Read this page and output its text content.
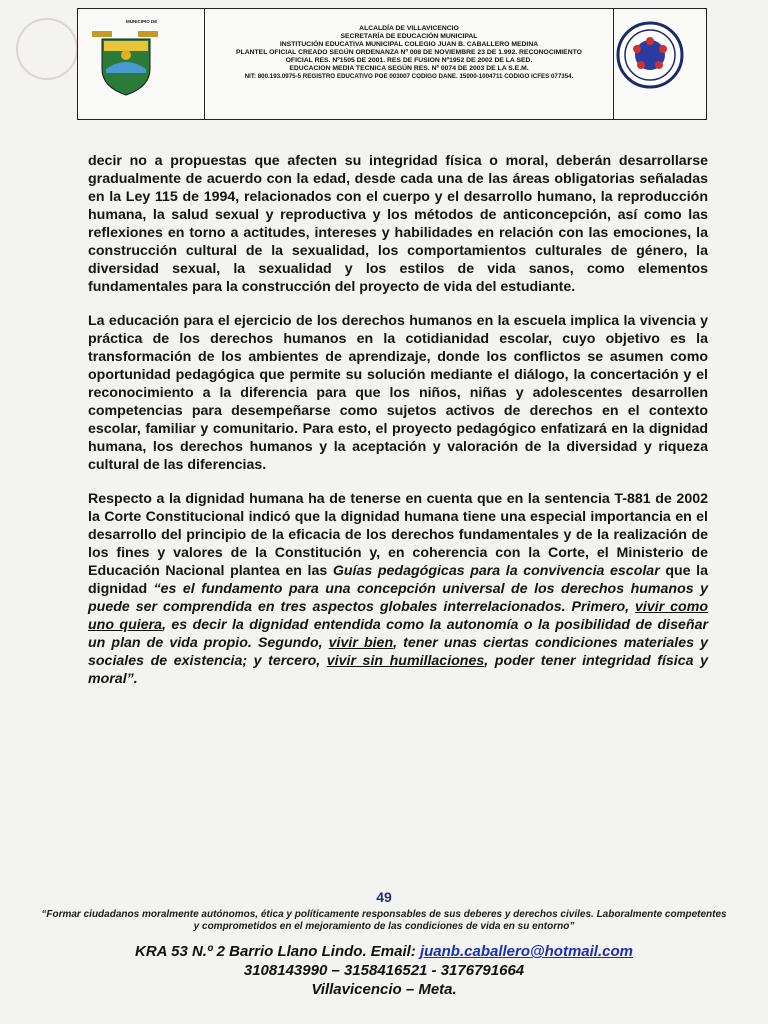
MUNICIPIO DE
ALCALDÍA DE VILLAVICENCIO
SECRETARÍA DE EDUCACIÓN MUNICIPAL
INSTITUCIÓN EDUCATIVA MUNICIPAL COLEGIO JUAN B. CABALLERO MEDINA
PLANTEL OFICIAL CREADO SEGÚN ORDENANZA Nº 008 DE NOVIEMBRE 23 DE 1.992. RECONOCIMIENTO
OFICIAL RES. Nº1505 DE 2001. RES DE FUSION Nº1952 DE 2002 DE LA SED.
EDUCACION MEDIA TECNICA SEGÚN RES. Nº 0074 DE 2003 DE LA S.E.M.
NIT: 800.193.0975-5 REGISTRO EDUCATIVO POE 003007 CODIGO DANE. 15000-1004711 CODIGO ICFES 077354.

decir no a propuestas que afecten su integridad física o moral, deberán desarrollarse gradualmente de acuerdo con la edad, desde cada una de las áreas obligatorias señaladas en la Ley 115 de 1994, relacionados con el cuerpo y el desarrollo humano, la reproducción humana, la salud sexual y reproductiva y los métodos de anticoncepción, así como las reflexiones en torno a actitudes, intereses y habilidades en relación con las emociones, la construcción cultural de la sexualidad, los comportamientos culturales de género, la diversidad sexual, la sexualidad y los estilos de vida sanos, como elementos fundamentales para la construcción del proyecto de vida del estudiante.

La educación para el ejercicio de los derechos humanos en la escuela implica la vivencia y práctica de los derechos humanos en la cotidianidad escolar, cuyo objetivo es la transformación de los ambientes de aprendizaje, donde los conflictos se asumen como oportunidad pedagógica que permite su solución mediante el diálogo, la concertación y el reconocimiento a la diferencia para que los niños, niñas y adolescentes desarrollen competencias para desempeñarse como sujetos activos de derechos en el contexto escolar, familiar y comunitario. Para esto, el proyecto pedagógico enfatizará en la dignidad humana, los derechos humanos y la aceptación y valoración de la diversidad y riqueza cultural de las diferencias.

Respecto a la dignidad humana ha de tenerse en cuenta que en la sentencia T-881 de 2002 la Corte Constitucional indicó que la dignidad humana tiene una especial importancia en el desarrollo del principio de la eficacia de los derechos fundamentales y de la realización de los fines y valores de la Constitución y, en coherencia con la Corte, el Ministerio de Educación Nacional plantea en las Guías pedagógicas para la convivencia escolar que la dignidad “es el fundamento para una concepción universal de los derechos humanos y puede ser comprendida en tres aspectos globales interrelacionados. Primero, vivir como uno quiera, es decir la dignidad entendida como la autonomía o la posibilidad de diseñar un plan de vida propio. Segundo, vivir bien, tener unas ciertas condiciones materiales y sociales de existencia; y tercero, vivir sin humillaciones, poder tener integridad física y moral”.

49
“Formar ciudadanos moralmente autónomos, ética y políticamente responsables de sus deberes y derechos civiles. Laboralmente competentes y comprometidos en el mejoramiento de las condiciones de vida en su entorno”
KRA 53 N.º 2 Barrio Llano Lindo. Email: juanb.caballero@hotmail.com
3108143990 – 3158416521 - 3176791664
Villavicencio – Meta.
